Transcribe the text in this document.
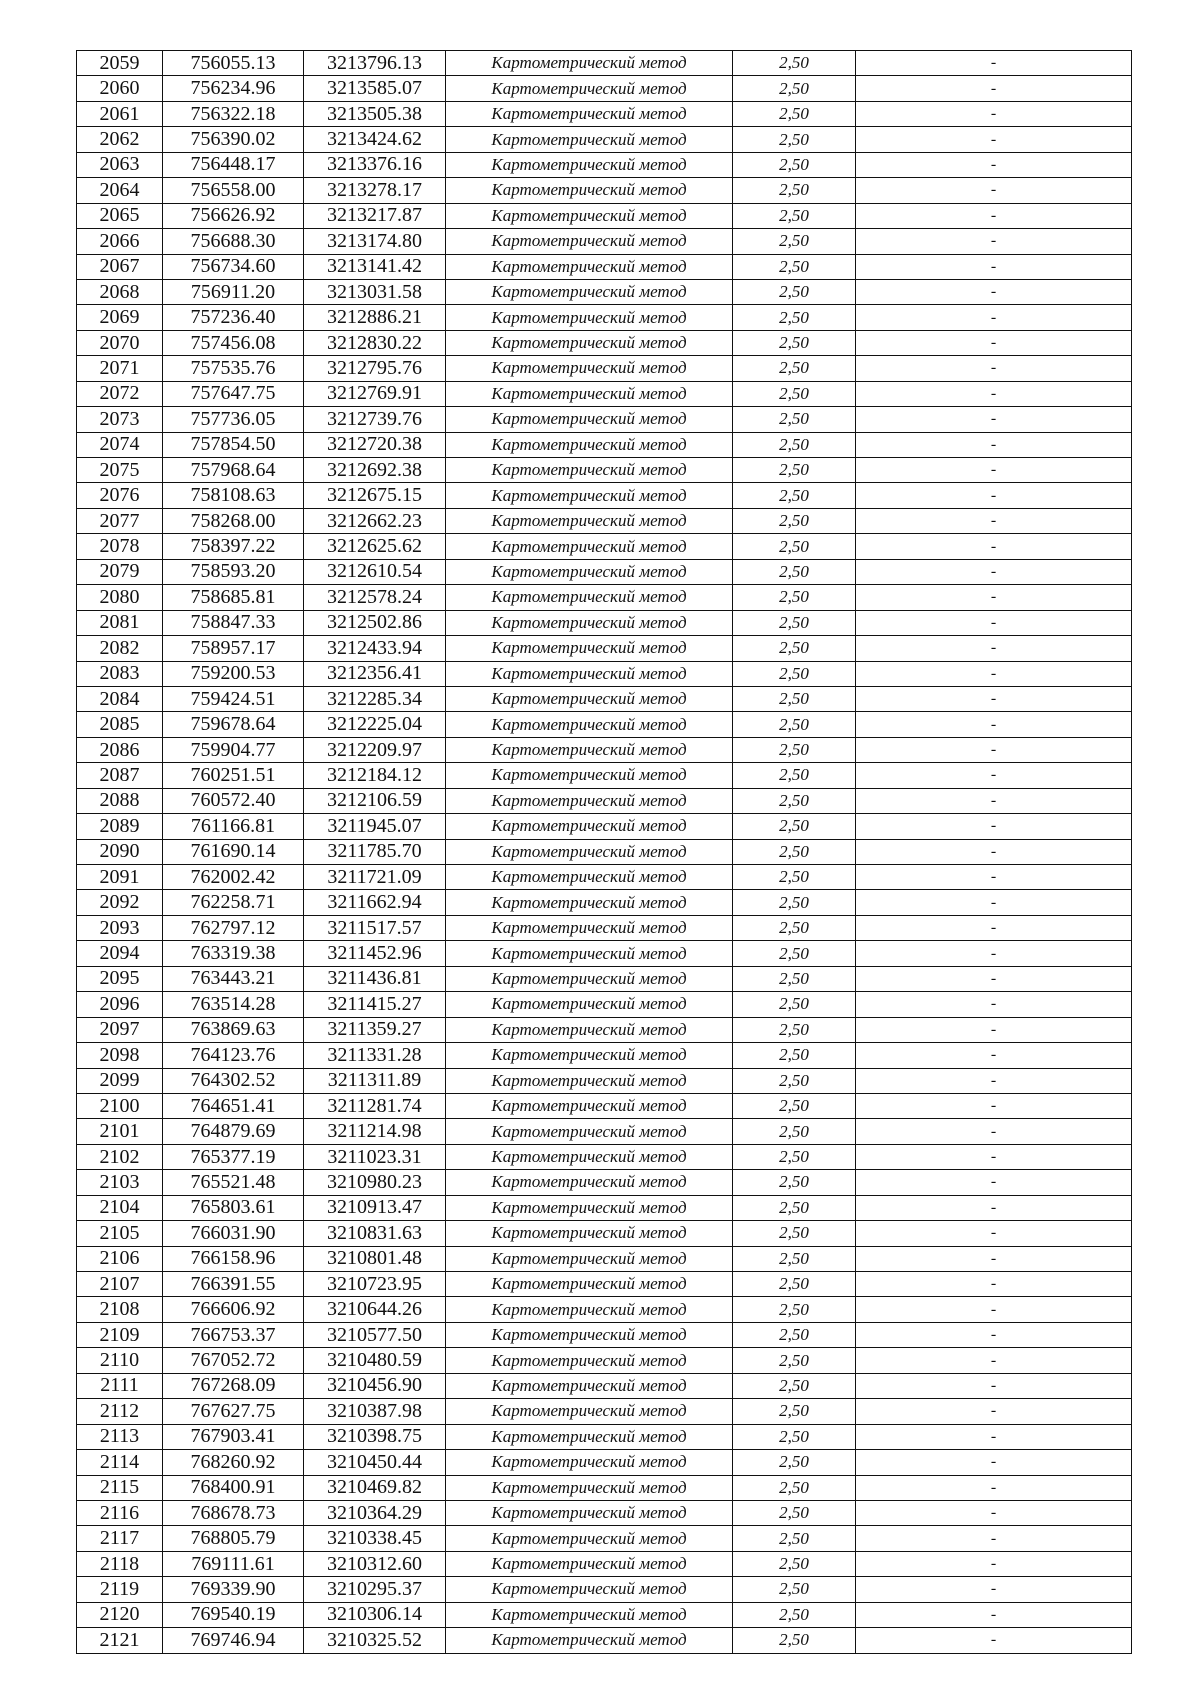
2059	756055.13	3213796.13	Картометрический метод	2,50	-
2060	756234.96	3213585.07	Картометрический метод	2,50	-
2061	756322.18	3213505.38	Картометрический метод	2,50	-
2062	756390.02	3213424.62	Картометрический метод	2,50	-
2063	756448.17	3213376.16	Картометрический метод	2,50	-
2064	756558.00	3213278.17	Картометрический метод	2,50	-
2065	756626.92	3213217.87	Картометрический метод	2,50	-
2066	756688.30	3213174.80	Картометрический метод	2,50	-
2067	756734.60	3213141.42	Картометрический метод	2,50	-
2068	756911.20	3213031.58	Картометрический метод	2,50	-
2069	757236.40	3212886.21	Картометрический метод	2,50	-
2070	757456.08	3212830.22	Картометрический метод	2,50	-
2071	757535.76	3212795.76	Картометрический метод	2,50	-
2072	757647.75	3212769.91	Картометрический метод	2,50	-
2073	757736.05	3212739.76	Картометрический метод	2,50	-
2074	757854.50	3212720.38	Картометрический метод	2,50	-
2075	757968.64	3212692.38	Картометрический метод	2,50	-
2076	758108.63	3212675.15	Картометрический метод	2,50	-
2077	758268.00	3212662.23	Картометрический метод	2,50	-
2078	758397.22	3212625.62	Картометрический метод	2,50	-
2079	758593.20	3212610.54	Картометрический метод	2,50	-
2080	758685.81	3212578.24	Картометрический метод	2,50	-
2081	758847.33	3212502.86	Картометрический метод	2,50	-
2082	758957.17	3212433.94	Картометрический метод	2,50	-
2083	759200.53	3212356.41	Картометрический метод	2,50	-
2084	759424.51	3212285.34	Картометрический метод	2,50	-
2085	759678.64	3212225.04	Картометрический метод	2,50	-
2086	759904.77	3212209.97	Картометрический метод	2,50	-
2087	760251.51	3212184.12	Картометрический метод	2,50	-
2088	760572.40	3212106.59	Картометрический метод	2,50	-
2089	761166.81	3211945.07	Картометрический метод	2,50	-
2090	761690.14	3211785.70	Картометрический метод	2,50	-
2091	762002.42	3211721.09	Картометрический метод	2,50	-
2092	762258.71	3211662.94	Картометрический метод	2,50	-
2093	762797.12	3211517.57	Картометрический метод	2,50	-
2094	763319.38	3211452.96	Картометрический метод	2,50	-
2095	763443.21	3211436.81	Картометрический метод	2,50	-
2096	763514.28	3211415.27	Картометрический метод	2,50	-
2097	763869.63	3211359.27	Картометрический метод	2,50	-
2098	764123.76	3211331.28	Картометрический метод	2,50	-
2099	764302.52	3211311.89	Картометрический метод	2,50	-
2100	764651.41	3211281.74	Картометрический метод	2,50	-
2101	764879.69	3211214.98	Картометрический метод	2,50	-
2102	765377.19	3211023.31	Картометрический метод	2,50	-
2103	765521.48	3210980.23	Картометрический метод	2,50	-
2104	765803.61	3210913.47	Картометрический метод	2,50	-
2105	766031.90	3210831.63	Картометрический метод	2,50	-
2106	766158.96	3210801.48	Картометрический метод	2,50	-
2107	766391.55	3210723.95	Картометрический метод	2,50	-
2108	766606.92	3210644.26	Картометрический метод	2,50	-
2109	766753.37	3210577.50	Картометрический метод	2,50	-
2110	767052.72	3210480.59	Картометрический метод	2,50	-
2111	767268.09	3210456.90	Картометрический метод	2,50	-
2112	767627.75	3210387.98	Картометрический метод	2,50	-
2113	767903.41	3210398.75	Картометрический метод	2,50	-
2114	768260.92	3210450.44	Картометрический метод	2,50	-
2115	768400.91	3210469.82	Картометрический метод	2,50	-
2116	768678.73	3210364.29	Картометрический метод	2,50	-
2117	768805.79	3210338.45	Картометрический метод	2,50	-
2118	769111.61	3210312.60	Картометрический метод	2,50	-
2119	769339.90	3210295.37	Картометрический метод	2,50	-
2120	769540.19	3210306.14	Картометрический метод	2,50	-
2121	769746.94	3210325.52	Картометрический метод	2,50	-
